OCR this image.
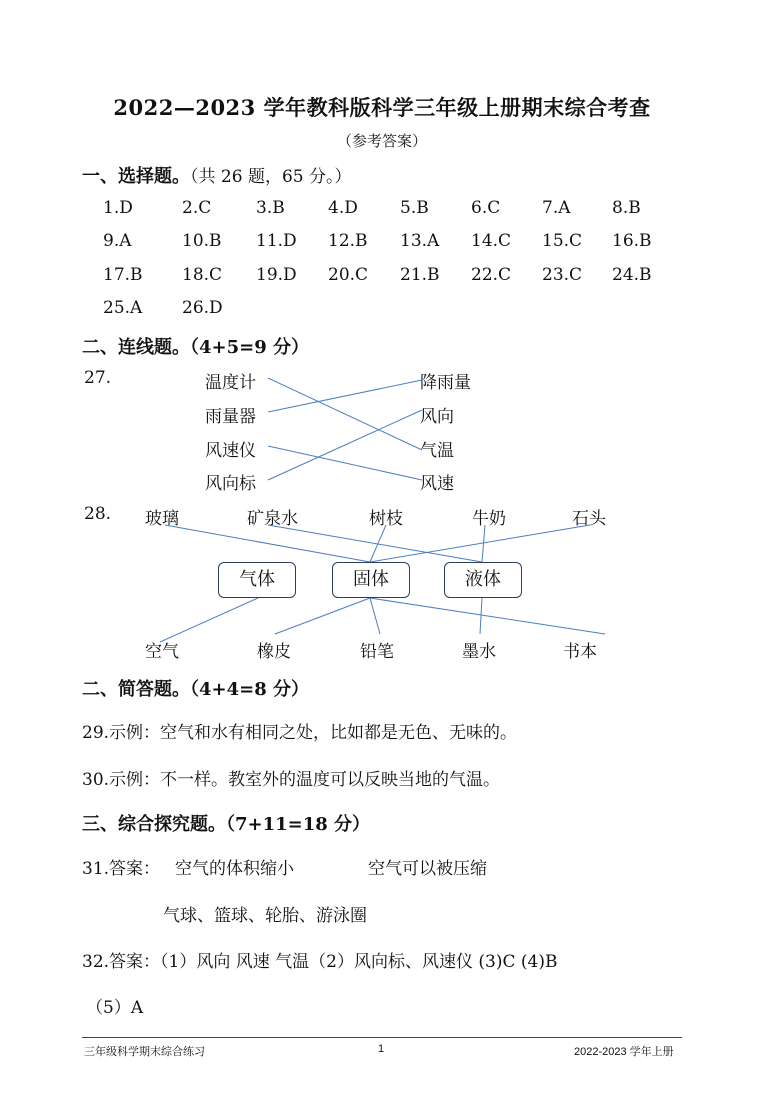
2022—2023 学年教科版科学三年级上册期末综合考查
（参考答案）
一、选择题。（共 26 题，65 分。）
1.D	2.C	3.B	4.D 5.B 6.C 7.A 8.B
9.A	10.B 11.D 12.B 13.A 14.C 15.C 16.B
17.B 18.C 19.D 20.C 21.B 22.C 23.C 24.B
25.A 26.D
二、连线题。（4+5=9 分）
27.	温度计
雨量器
风速仪
风向标
降雨量
风向
气温
风速
28. 玻璃	矿泉水	树枝	牛奶	石头
气体	固体	液体
空气	橡皮	铅笔	墨水	书本
二、简答题。（4+4=8 分）
29.示例：空气和水有相同之处，比如都是无色、无味的。
30.示例：不一样。教室外的温度可以反映当地的气温。
三、综合探究题。（7+11=18 分）
31.答案： 空气的体积缩小	空气可以被压缩
气球、篮球、轮胎、游泳圈
32.答案：（1）风向 风速 气温（2）风向标、风速仪 (3)C (4)B
（5）A
三年级科学期末综合练习	1	2022-2023 学年上册
